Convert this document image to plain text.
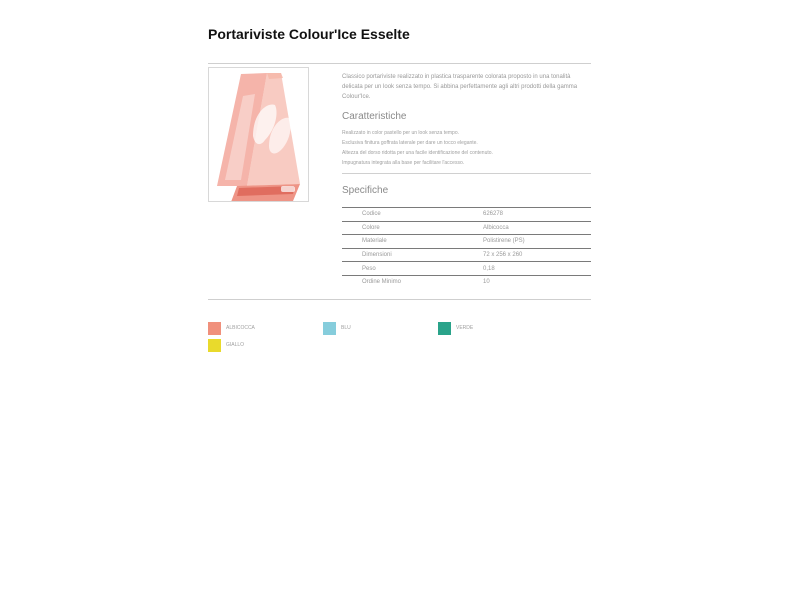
Portariviste Colour'Ice Esselte

Classico portariviste realizzato in plastica trasparente colorata proposto in una tonalità delicata per un look senza tempo. Si abbina perfettamente agli altri prodotti della gamma Colour'Ice.

Caratteristiche
Realizzato in color pastello per un look senza tempo.
Esclusiva finitura goffrata laterale per dare un tocco elegante.
Altezza del dorso ridotta per una facile identificazione del contenuto.
Impugnatura integrata alla base per facilitare l'accesso.
Specifiche
Codice	626278
Colore	Albicocca
Materiale	Polistirene (PS)
Dimensioni	72 x 256 x 260
Peso	0,18
Ordine Minimo	10
ALBICOCCA	BLU	VERDE
GIALLO
